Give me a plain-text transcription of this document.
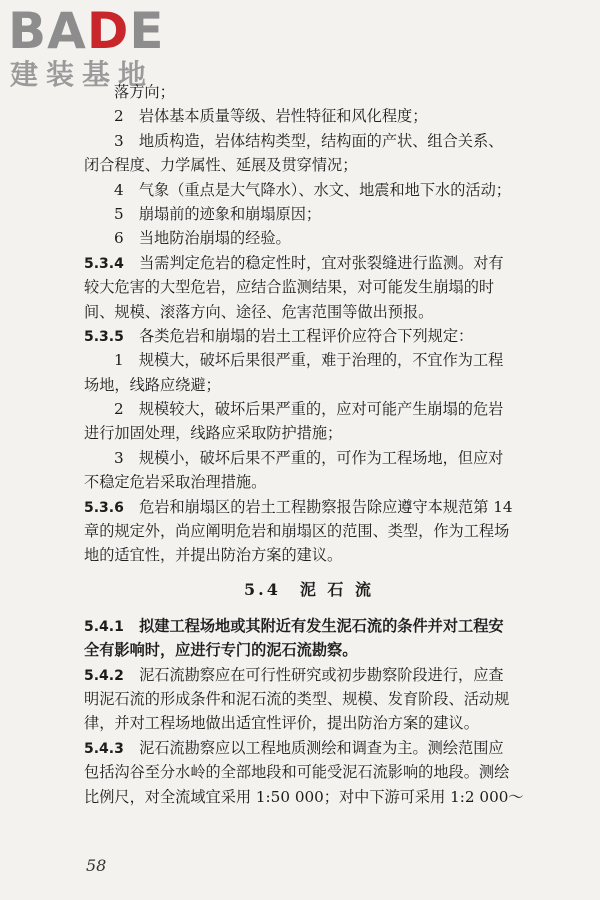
BADE
建装基地
落方向；
2　岩体基本质量等级、岩性特征和风化程度；
3　地质构造，岩体结构类型，结构面的产状、组合关系、
闭合程度、力学属性、延展及贯穿情况；
4　气象（重点是大气降水）、水文、地震和地下水的活动；
5　崩塌前的迹象和崩塌原因；
6　当地防治崩塌的经验。
5.3.4　当需判定危岩的稳定性时，宜对张裂缝进行监测。对有
较大危害的大型危岩，应结合监测结果，对可能发生崩塌的时
间、规模、滚落方向、途径、危害范围等做出预报。
5.3.5　各类危岩和崩塌的岩土工程评价应符合下列规定：
1　规模大，破坏后果很严重，难于治理的，不宜作为工程
场地，线路应绕避；
2　规模较大，破坏后果严重的，应对可能产生崩塌的危岩
进行加固处理，线路应采取防护措施；
3　规模小，破坏后果不严重的，可作为工程场地，但应对
不稳定危岩采取治理措施。
5.3.6　危岩和崩塌区的岩土工程勘察报告除应遵守本规范第 14
章的规定外，尚应阐明危岩和崩塌区的范围、类型，作为工程场
地的适宜性，并提出防治方案的建议。
5.4　泥 石 流
5.4.1　拟建工程场地或其附近有发生泥石流的条件并对工程安
全有影响时，应进行专门的泥石流勘察。
5.4.2　泥石流勘察应在可行性研究或初步勘察阶段进行，应查
明泥石流的形成条件和泥石流的类型、规模、发育阶段、活动规
律，并对工程场地做出适宜性评价，提出防治方案的建议。
5.4.3　泥石流勘察应以工程地质测绘和调查为主。测绘范围应
包括沟谷至分水岭的全部地段和可能受泥石流影响的地段。测绘
比例尺，对全流域宜采用 1:50 000；对中下游可采用 1:2 000～
58
